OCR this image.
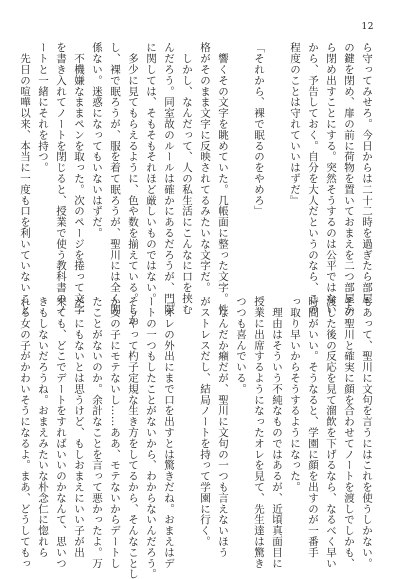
12
ら守ってみせろ。今日からは二十二時を過ぎたら部屋
の鍵を閉め、扉の前に荷物を置いておまえを二つ部屋か
ら閉め出すことにする。突然そうするのは公平ではない
から、予告しておく。自分を大人だというのなら、この
程度のことは守れていいはずだ』

「それから、裸で眠るのをやめろ」

　響くその文字を眺めていた。几帳面に整った文字。性
格がそのまま文字に反映されてるみたいな文字だ。
　しかし、なんだって、人の私生活にこんなに口を挟む
んだろう。同室故のルールは確かにあるだろうが、門限
に関しては、そもそもそれほど厳しいものではない。
　多少に見てもらえるように、色や数を揃えている。しか
し、裸で眠ろうが、服を着て眠ろうが、聖川には全く関
係ない。迷惑になってもいないはずだ。
　不機嫌なままペンを取った。次のページを捲って文字
を書き入れてノートを閉じると、授業で使う教科書のノ
ートと一緒にそれを持つ。
　先日の喧嘩以来、本当に一度も口を利いていないこと
もあって、聖川に文句を言うにはこれを使うしかない。
その聖川と確実に顔を合わせてノートを渡しでしかも、
渡した後の反応を見て溜飲を下げるなら、なるべく早い
時間がいい。そうなると、学園に顔を出すのが一番手
っ取り早いからそうするようになった。
　理由はそういう不純なものではあるが、近頃真面目に
授業に出席するようになったオレを見て、先生達は驚き
つつも喜んでいる。
　なんだか癪だが、聖川に文句の一つも言えないほう
がストレスだし、結局ノートを持って学園に行く。

『オレの外出にまで口を出すとは驚きだね。おまえはデ
ートの一つもしたことがないから、わからないんだろう。
そうやって杓子定規な生き方をしてるから、そんなことし
か女の子にモテないし……ああ、モテないからデートし
たことがないのか。余計なことを言って悪かったよ。万
が一にもないとは思うけど、もしおまえにいい子が出
来ても、どこでデートをすればいいのかなんて、思いつ
きもしないだろうね。おまえみたいな朴念仁に惚れら
れる女の子がかわいそうになるよ。まあ、どうしてもっ
